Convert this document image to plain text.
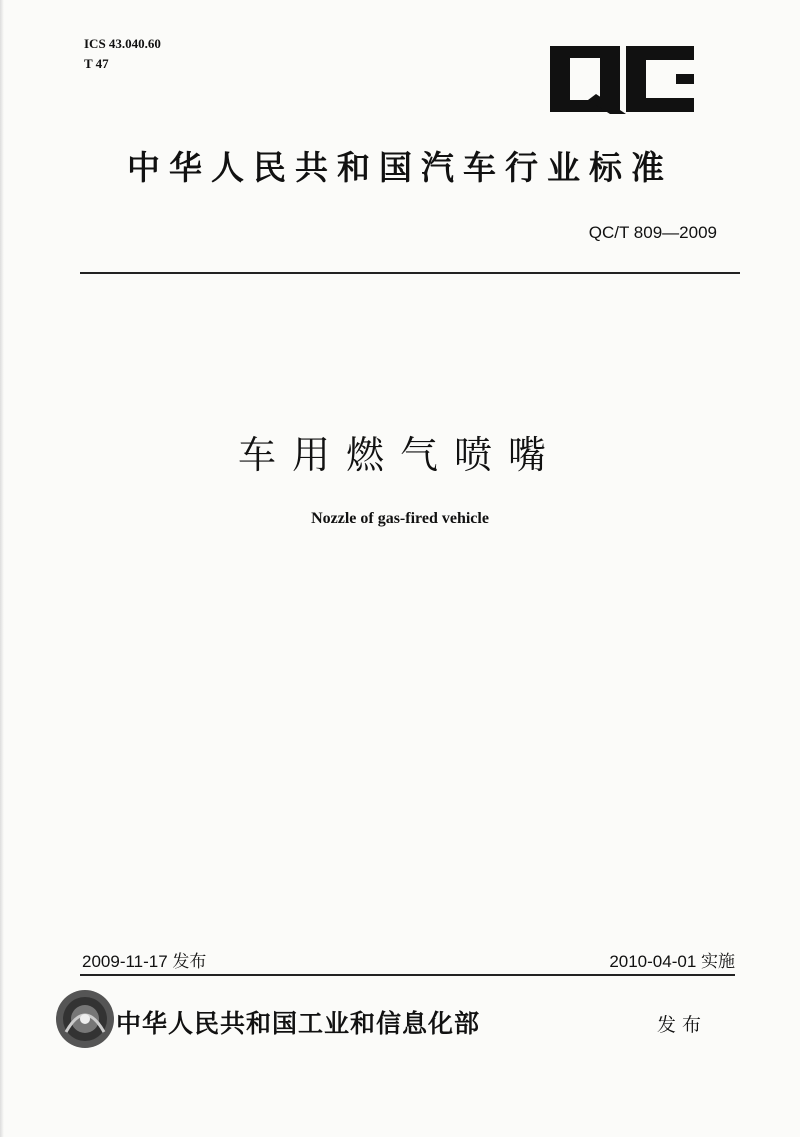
ICS 43.040.60
T 47
QC
中华人民共和国汽车行业标准
QC/T 809—2009
车用燃气喷嘴
Nozzle of gas-fired vehicle
2009-11-17 发布	2010-04-01 实施
中华人民共和国工业和信息化部	发布
